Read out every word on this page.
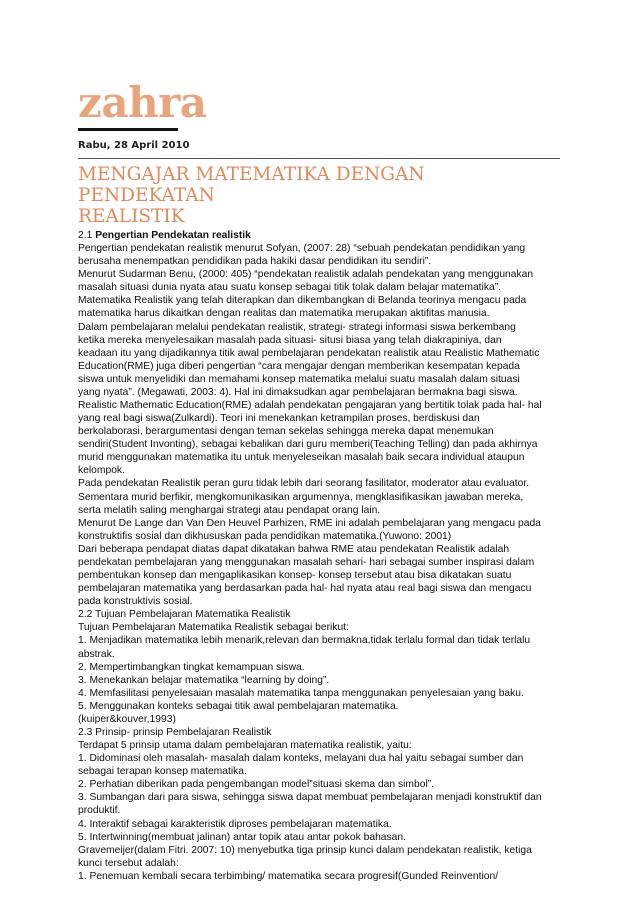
zahra
Rabu, 28 April 2010
MENGAJAR MATEMATIKA DENGAN PENDEKATAN
REALISTIK
2.1 Pengertian Pendekatan realistik
Pengertian pendekatan realistik menurut Sofyan, (2007: 28) “sebuah pendekatan pendidikan yang
berusaha menempatkan pendidikan pada hakiki dasar pendidikan itu sendiri”.
Menurut Sudarman Benu, (2000: 405) “pendekatan realistik adalah pendekatan yang menggunakan
masalah situasi dunia nyata atau suatu konsep sebagai titik tolak dalam belajar matematika”.
Matematika Realistik yang telah diterapkan dan dikembangkan di Belanda teorinya mengacu pada
matematika harus dikaitkan dengan realitas dan matematika merupakan aktifitas manusia.
Dalam pembelajaran melalui pendekatan realistik, strategi- strategi informasi siswa berkembang
ketika mereka menyelesaikan masalah pada situasi- situsi biasa yang telah diakrapiniya, dan
keadaan itu yang dijadikannya titik awal pembelajaran pendekatan realistik atau Realistic Mathematic
Education(RME) juga diberi pengertian “cara mengajar dengan memberikan kesempatan kepada
siswa untuk menyelidiki dan memahami konsep matematika melalui suatu masalah dalam situasi
yang nyata”. (Megawati, 2003: 4). Hal ini dimaksudkan agar pembelajaran bermakna bagi siswa.
Realistic Mathematic Education(RME) adalah pendekatan pengajaran yang bertitik tolak pada hal- hal
yang real bagi siswa(Zulkardi). Teori ini menekankan ketrampilan proses, berdiskusi dan
berkolaborasi, berargumentasi dengan teman sekelas sehingga mereka dapat menemukan
sendiri(Student Invonting), sebagai kebalikan dari guru memberi(Teaching Telling) dan pada akhirnya
murid menggunakan matematika itu untuk menyeleseikan masalah baik secara individual ataupun
kelompok.
Pada pendekatan Realistik peran guru tidak lebih dari seorang fasilitator, moderator atau evaluator.
Sementara murid berfikir, mengkomunikasikan argumennya, mengklasifikasikan jawaban mereka,
serta melatih saling menghargai strategi atau pendapat orang lain.
Menurut De Lange dan Van Den Heuvel Parhizen, RME ini adalah pembelajaran yang mengacu pada
konstruktifis sosial dan dikhususkan pada pendidikan matematika.(Yuwono: 2001)
Dari beberapa pendapat diatas dapat dikatakan bahwa RME atau pendekatan Realistik adalah
pendekatan pembelajaran yang menggunakan masalah sehari- hari sebagai sumber inspirasi dalam
pembentukan konsep dan mengaplikasikan konsep- konsep tersebut atau bisa dikatakan suatu
pembelajaran matematika yang berdasarkan pada hal- hal nyata atau real bagi siswa dan mengacu
pada konstruktivis sosial.
2.2 Tujuan Pembelajaran Matematika Realistik
Tujuan Pembelajaran Matematika Realistik sebagai berikut:
1. Menjadikan matematika lebih menarik,relevan dan bermakna,tidak terlalu formal dan tidak terlalu
abstrak.
2. Mempertimbangkan tingkat kemampuan siswa.
3. Menekankan belajar matematika “learning by doing”.
4. Memfasilitasi penyelesaian masalah matematika tanpa menggunakan penyelesaian yang baku.
5. Menggunakan konteks sebagai titik awal pembelajaran matematika.
(kuiper&kouver,1993)
2.3 Prinsip- prinsip Pembelajaran Realistik
Terdapat 5 prinsip utama dalam pembelajaran matematika realistik, yaitu:
1. Didominasi oleh masalah- masalah dalam konteks, melayani dua hal yaitu sebagai sumber dan
sebagai terapan konsep matematika.
2. Perhatian diberikan pada pengembangan model”situasi skema dan simbol”.
3. Sumbangan dari para siswa, sehingga siswa dapat membuat pembelajaran menjadi konstruktif dan
produktif.
4. Interaktif sebagai karakteristik diproses pembelajaran matematika.
5. Intertwinning(membuat jalinan) antar topik atau antar pokok bahasan.
Gravemeijer(dalam Fitri. 2007: 10) menyebutka tiga prinsip kunci dalam pendekatan realistik, ketiga
kunci tersebut adalah:
1. Penemuan kembali secara terbimbing/ matematika secara progresif(Gunded Reinvention/
